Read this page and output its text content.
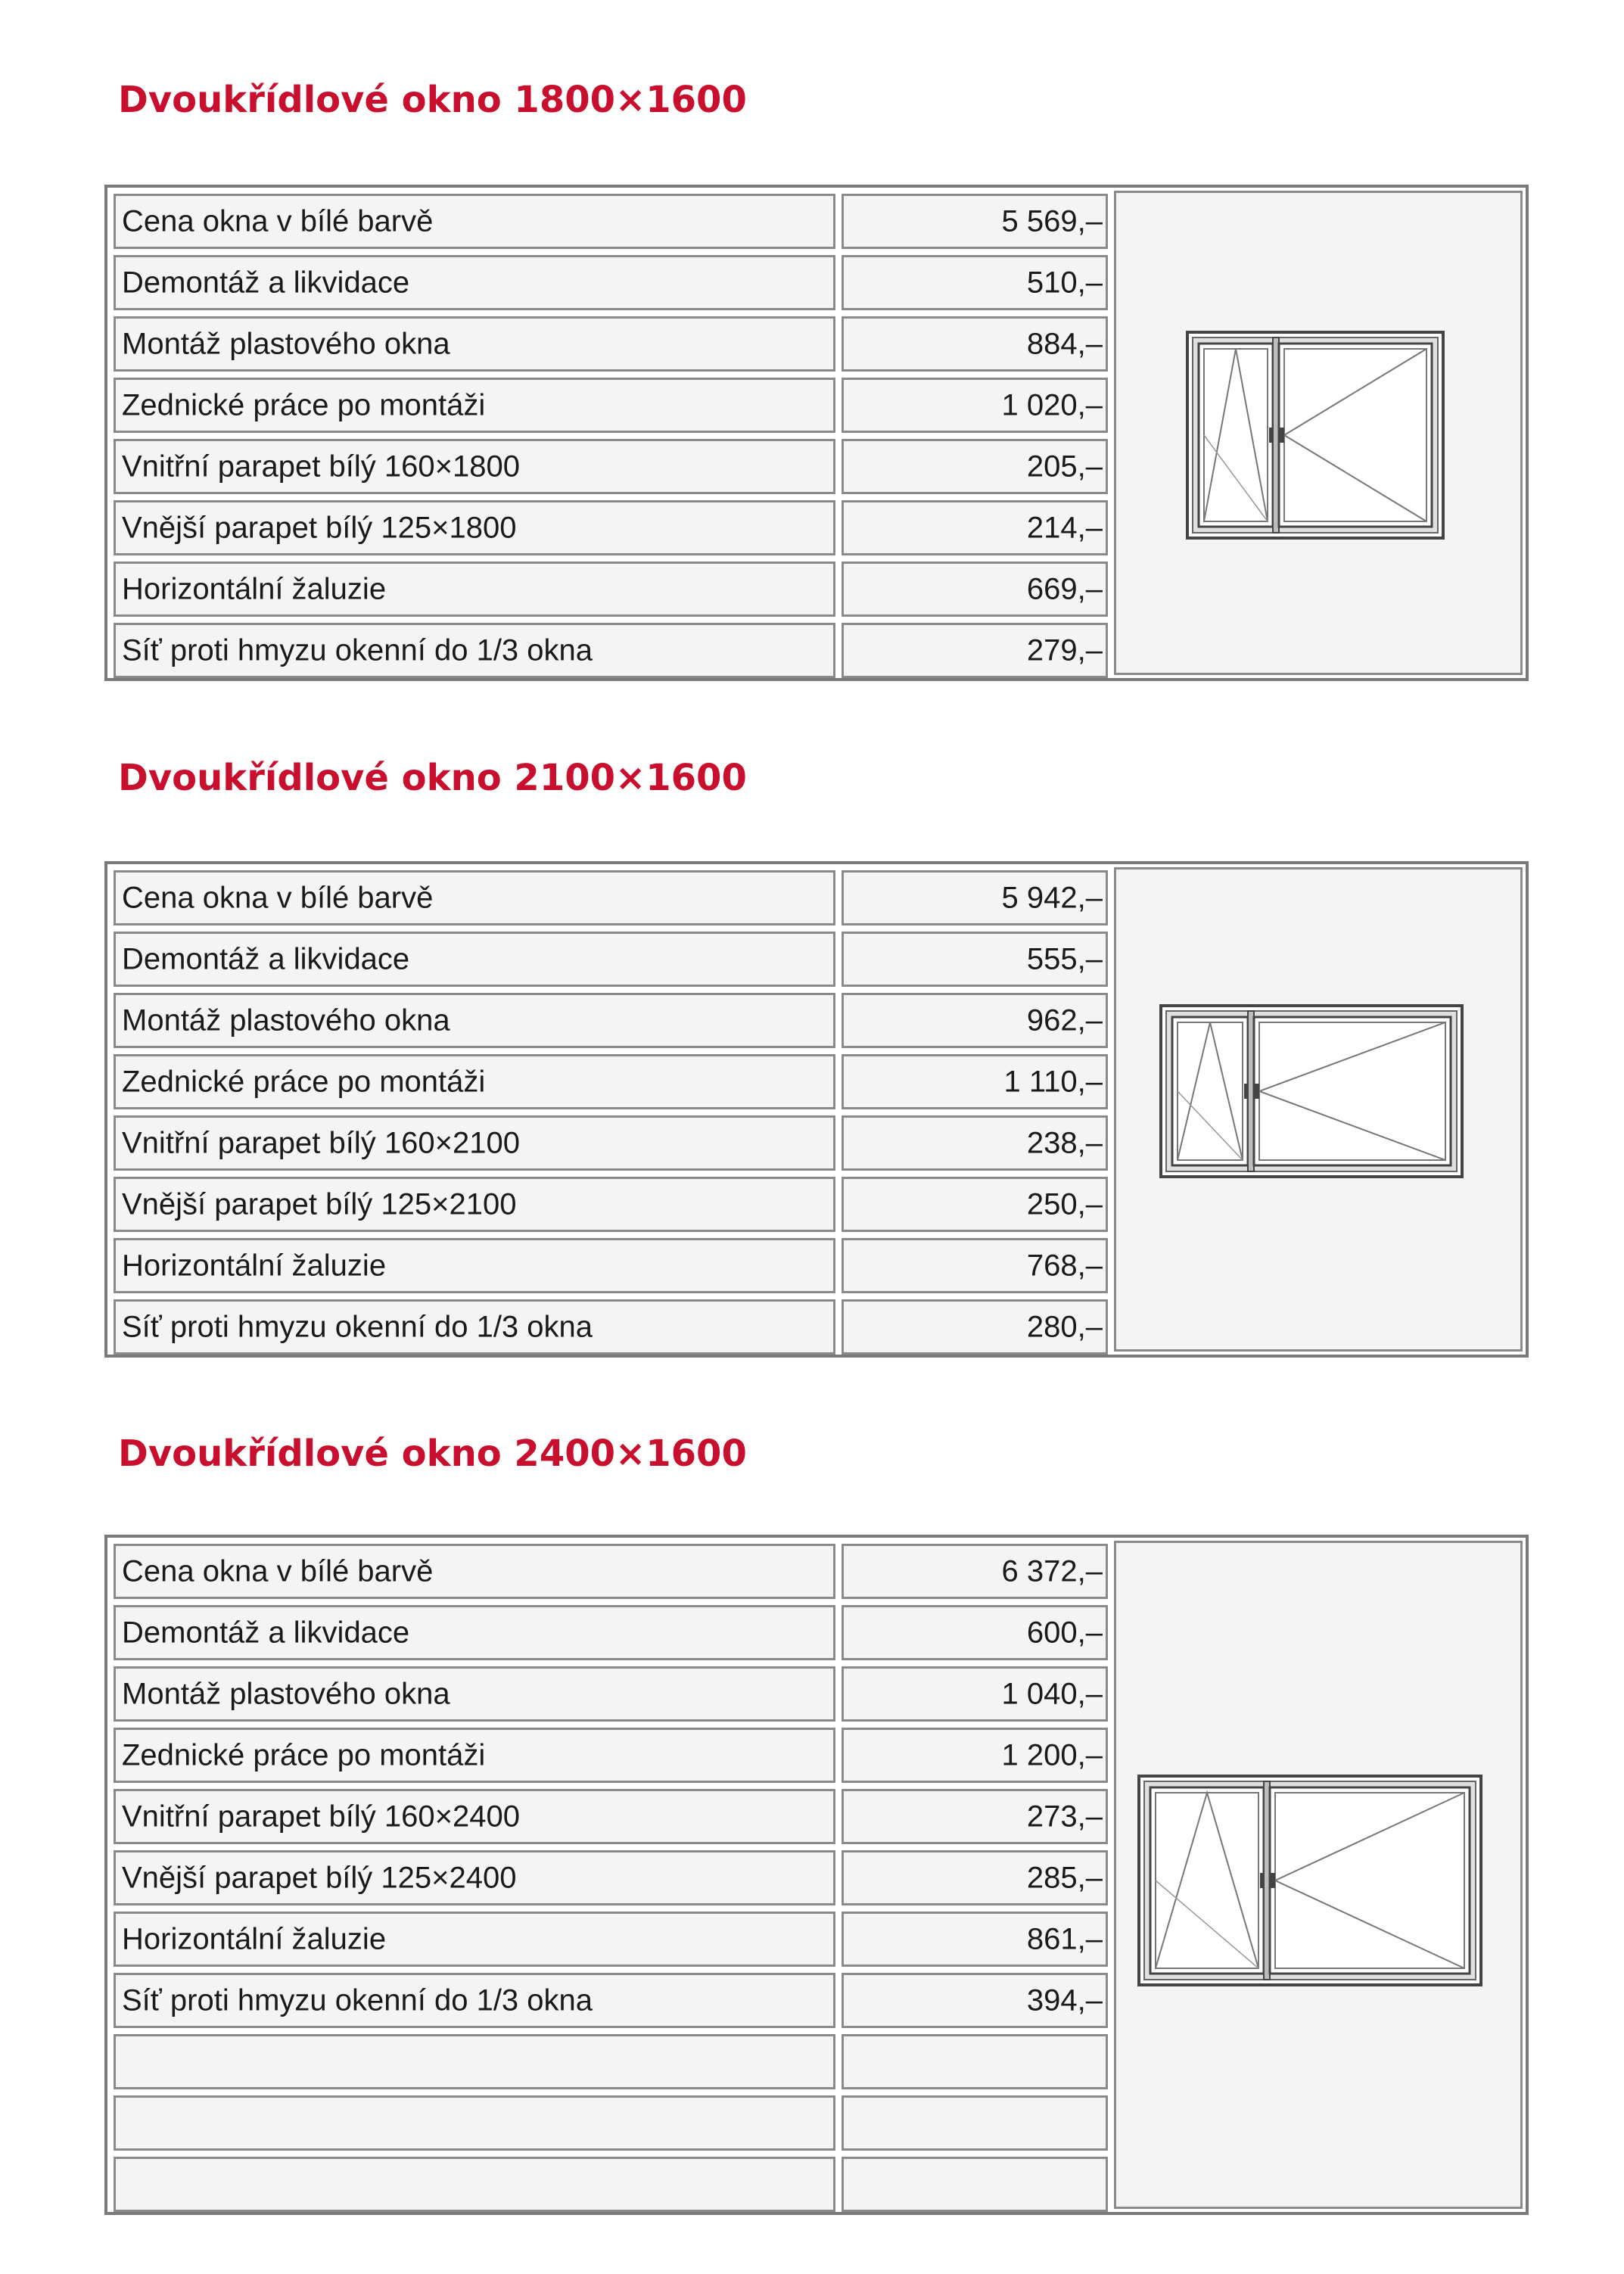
Dvoukřídlové okno 1800×1600
Cena okna v bílé barvě	5 569,–
Demontáž a likvidace	510,–
Montáž plastového okna	884,–
Zednické práce po montáži	1 020,–
Vnitřní parapet bílý 160×1800	205,–
Vnější parapet bílý 125×1800	214,–
Horizontální žaluzie	669,–
Síť proti hmyzu okenní do 1/3 okna	279,–
Dvoukřídlové okno 2100×1600
Cena okna v bílé barvě	5 942,–
Demontáž a likvidace	555,–
Montáž plastového okna	962,–
Zednické práce po montáži	1 110,–
Vnitřní parapet bílý 160×2100	238,–
Vnější parapet bílý 125×2100	250,–
Horizontální žaluzie	768,–
Síť proti hmyzu okenní do 1/3 okna	280,–
Dvoukřídlové okno 2400×1600
Cena okna v bílé barvě	6 372,–
Demontáž a likvidace	600,–
Montáž plastového okna	1 040,–
Zednické práce po montáži	1 200,–
Vnitřní parapet bílý 160×2400	273,–
Vnější parapet bílý 125×2400	285,–
Horizontální žaluzie	861,–
Síť proti hmyzu okenní do 1/3 okna	394,–
